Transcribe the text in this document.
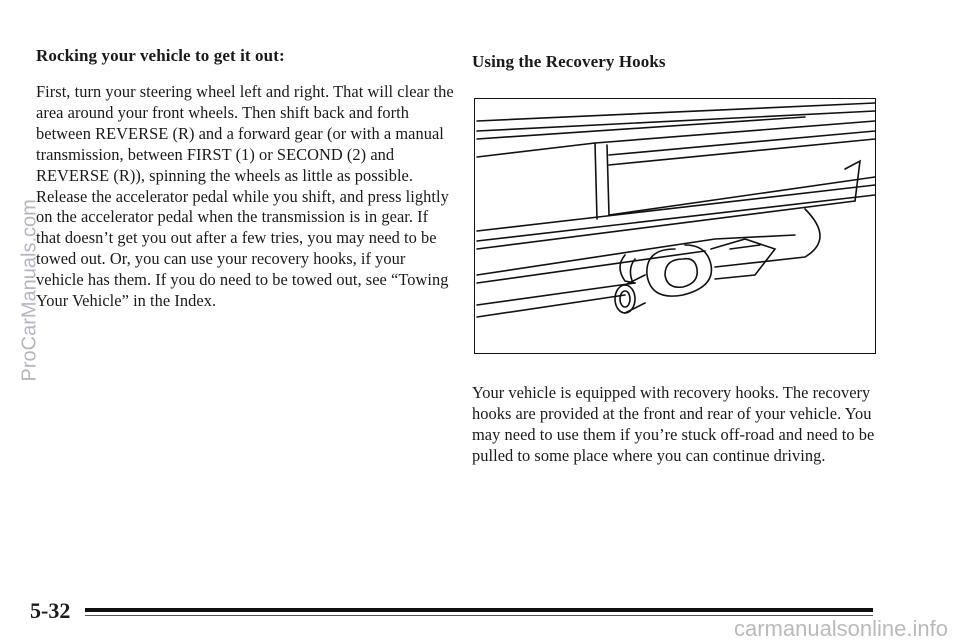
Rocking your vehicle to get it out:

First, turn your steering wheel left and right. That will clear the area around your front wheels. Then shift back and forth between REVERSE (R) and a forward gear (or with a manual transmission, between FIRST (1) or SECOND (2) and REVERSE (R)), spinning the wheels as little as possible. Release the accelerator pedal while you shift, and press lightly on the accelerator pedal when the transmission is in gear. If that doesn’t get you out after a few tries, you may need to be towed out. Or, you can use your recovery hooks, if your vehicle has them. If you do need to be towed out, see “Towing Your Vehicle” in the Index.

Using the Recovery Hooks

Your vehicle is equipped with recovery hooks. The recovery hooks are provided at the front and rear of your vehicle. You may need to use them if you’re stuck off-road and need to be pulled to some place where you can continue driving.

5-32
ProCarManuals.com
carmanualsonline.info
